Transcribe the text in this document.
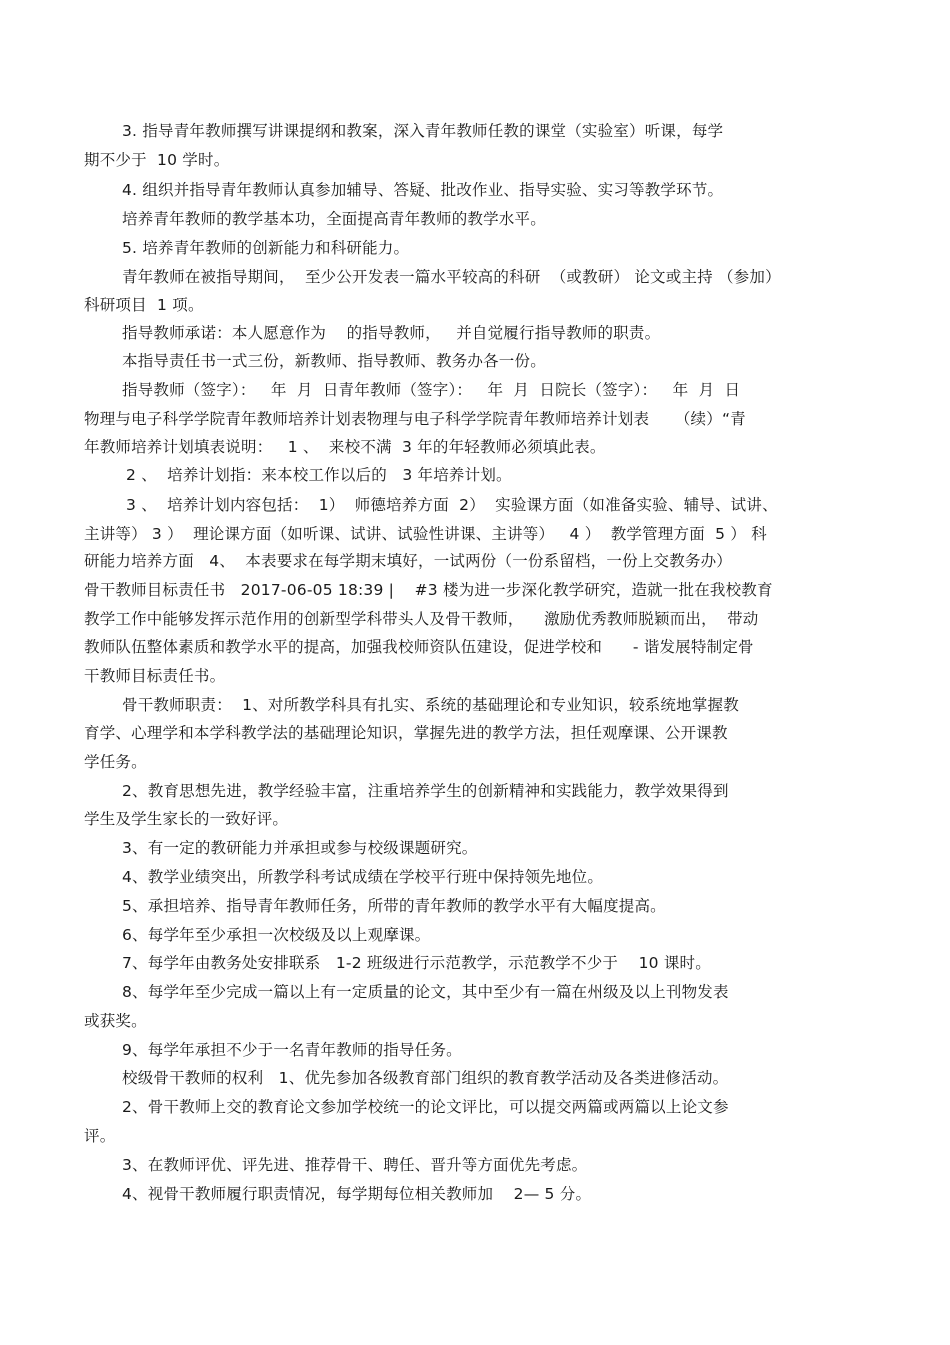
3. 指导青年教师撰写讲课提纲和教案，深入青年教师任教的课堂（实验室）听课，每学
期不少于  10 学时。
4. 组织并指导青年教师认真参加辅导、答疑、批改作业、指导实验、实习等教学环节。
培养青年教师的教学基本功，全面提高青年教师的教学水平。
5. 培养青年教师的创新能力和科研能力。
青年教师在被指导期间，  至少公开发表一篇水平较高的科研  （或教研） 论文或主持 （参加）
科研项目  1 项。
指导教师承诺：本人愿意作为    的指导教师，   并自觉履行指导教师的职责。
本指导责任书一式三份，新教师、指导教师、教务办各一份。
指导教师（签字）：   年  月  日青年教师（签字）：   年  月  日院长（签字）：   年  月  日
物理与电子科学学院青年教师培养计划表物理与电子科学学院青年教师培养计划表     （续）“青
年教师培养计划填表说明：   1 、  来校不满  3 年的年轻教师必须填此表。
2 、  培养计划指：来本校工作以后的   3 年培养计划。
3 、  培养计划内容包括：  1）  师德培养方面  2）  实验课方面（如准备实验、辅导、试讲、
主讲等） 3 ）  理论课方面（如听课、试讲、试验性讲课、主讲等）   4 ）  教学管理方面  5 ） 科
研能力培养方面   4、  本表要求在每学期末填好，一试两份（一份系留档，一份上交教务办）
骨干教师目标责任书   2017-06-05 18:39 |    #3 楼为进一步深化教学研究，造就一批在我校教育
教学工作中能够发挥示范作用的创新型学科带头人及骨干教师，    激励优秀教师脱颖而出，  带动
教师队伍整体素质和教学水平的提高，加强我校师资队伍建设，促进学校和      - 谐发展特制定骨
干教师目标责任书。
骨干教师职责：  1、对所教学科具有扎实、系统的基础理论和专业知识，较系统地掌握教
育学、心理学和本学科教学法的基础理论知识，掌握先进的教学方法，担任观摩课、公开课教
学任务。
2、教育思想先进，教学经验丰富，注重培养学生的创新精神和实践能力，教学效果得到
学生及学生家长的一致好评。
3、有一定的教研能力并承担或参与校级课题研究。
4、教学业绩突出，所教学科考试成绩在学校平行班中保持领先地位。
5、承担培养、指导青年教师任务，所带的青年教师的教学水平有大幅度提高。
6、每学年至少承担一次校级及以上观摩课。
7、每学年由教务处安排联系   1-2 班级进行示范教学，示范教学不少于    10 课时。
8、每学年至少完成一篇以上有一定质量的论文，其中至少有一篇在州级及以上刊物发表
或获奖。
9、每学年承担不少于一名青年教师的指导任务。
校级骨干教师的权利   1、优先参加各级教育部门组织的教育教学活动及各类进修活动。
2、骨干教师上交的教育论文参加学校统一的论文评比，可以提交两篇或两篇以上论文参
评。
3、在教师评优、评先进、推荐骨干、聘任、晋升等方面优先考虑。
4、视骨干教师履行职责情况，每学期每位相关教师加    2— 5 分。
